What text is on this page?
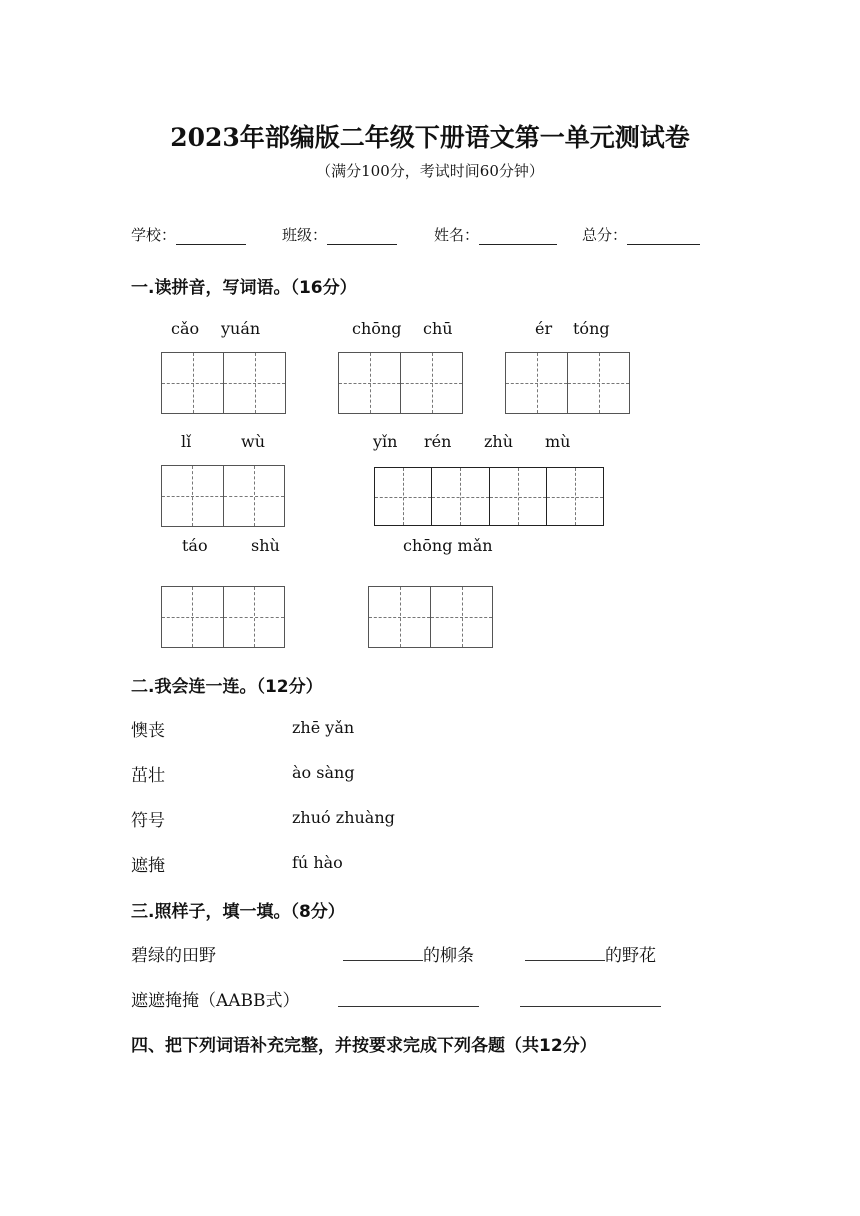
2023年部编版二年级下册语文第一单元测试卷
（满分100分，考试时间60分钟）
学校：	班级：	姓名：	总分：
一.读拼音，写词语。（16分）
cǎo yuán	chōng chū	ér tóng
lǐ	wù	yǐn rén zhù mù
táo	shù	chōng mǎn
二.我会连一连。（12分）
懊丧	zhē yǎn
茁壮	ào sàng
符号	zhuó zhuàng
遮掩	fú hào
三.照样子，填一填。（8分）
碧绿的田野	的柳条	的野花
遮遮掩掩（AABB式）
四、把下列词语补充完整，并按要求完成下列各题（共12分）
